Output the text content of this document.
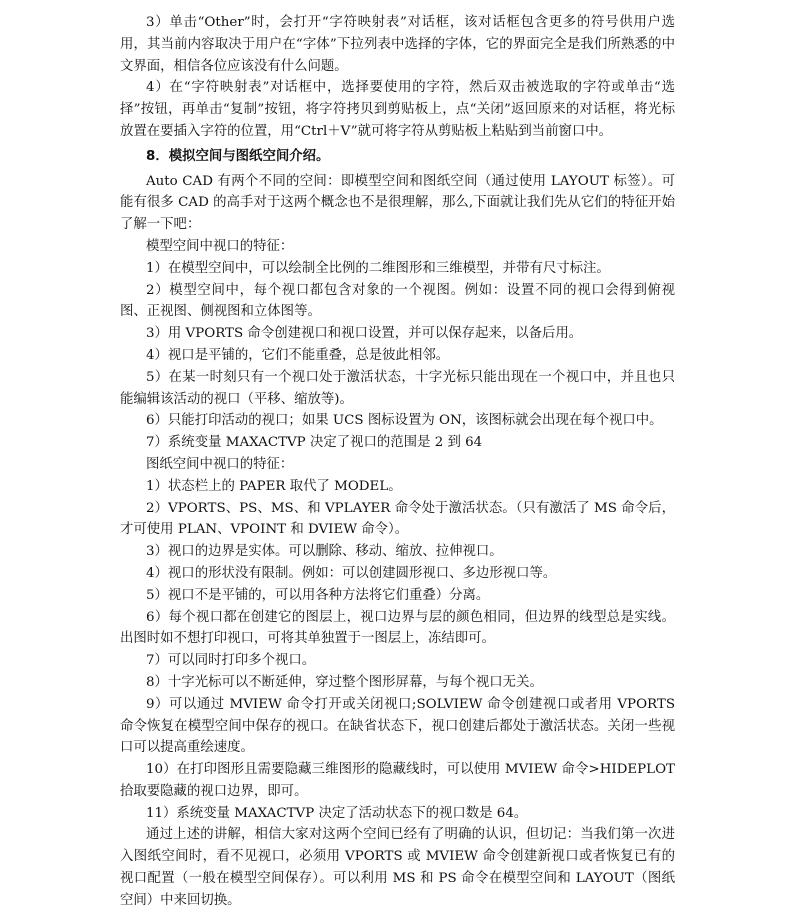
3）单击“Other”时，会打开“字符映射表”对话框，该对话框包含更多的符号供用户选用，其当前内容取决于用户在“字体”下拉列表中选择的字体，它的界面完全是我们所熟悉的中文界面，相信各位应该没有什么问题。

4）在“字符映射表”对话框中，选择要使用的字符，然后双击被选取的字符或单击“选择”按钮，再单击“复制”按钮，将字符拷贝到剪贴板上，点“关闭”返回原来的对话框，将光标放置在要插入字符的位置，用“Ctrl＋V”就可将字符从剪贴板上粘贴到当前窗口中。

8．模拟空间与图纸空间介绍。

Auto CAD 有两个不同的空间：即模型空间和图纸空间（通过使用 LAYOUT 标签）。可能有很多 CAD 的高手对于这两个概念也不是很理解，那么,下面就让我们先从它们的特征开始了解一下吧：

模型空间中视口的特征：

1）在模型空间中，可以绘制全比例的二维图形和三维模型，并带有尺寸标注。

2）模型空间中，每个视口都包含对象的一个视图。例如：设置不同的视口会得到俯视图、正视图、侧视图和立体图等。

3）用 VPORTS 命令创建视口和视口设置，并可以保存起来，以备后用。

4）视口是平铺的，它们不能重叠，总是彼此相邻。

5）在某一时刻只有一个视口处于激活状态，十字光标只能出现在一个视口中，并且也只能编辑该活动的视口（平移、缩放等)。

6）只能打印活动的视口；如果 UCS 图标设置为 ON，该图标就会出现在每个视口中。

7）系统变量 MAXACTVP 决定了视口的范围是 2 到 64

图纸空间中视口的特征：

1）状态栏上的 PAPER 取代了 MODEL。

2）VPORTS、PS、MS、和 VPLAYER 命令处于激活状态。（只有激活了 MS 命令后，才可使用 PLAN、VPOINT 和 DVIEW 命令）。

3）视口的边界是实体。可以删除、移动、缩放、拉伸视口。

4）视口的形状没有限制。例如：可以创建圆形视口、多边形视口等。

5）视口不是平铺的，可以用各种方法将它们重叠）分离。

6）每个视口都在创建它的图层上，视口边界与层的颜色相同，但边界的线型总是实线。出图时如不想打印视口，可将其单独置于一图层上，冻结即可。

7）可以同时打印多个视口。

8）十字光标可以不断延伸，穿过整个图形屏幕，与每个视口无关。

9）可以通过 MVIEW 命令打开或关闭视口;SOLVIEW 命令创建视口或者用 VPORTS 命令恢复在模型空间中保存的视口。在缺省状态下，视口创建后都处于激活状态。关闭一些视口可以提高重绘速度。

10）在打印图形且需要隐藏三维图形的隐藏线时，可以使用 MVIEW 命令>HIDEPLOT 拾取要隐藏的视口边界，即可。

11）系统变量 MAXACTVP 决定了活动状态下的视口数是 64。

通过上述的讲解，相信大家对这两个空间已经有了明确的认识，但切记：当我们第一次进入图纸空间时，看不见视口，必须用 VPORTS 或 MVIEW 命令创建新视口或者恢复已有的视口配置（一般在模型空间保存）。可以利用 MS 和 PS 命令在模型空间和 LAYOUT（图纸空间）中来回切换。
